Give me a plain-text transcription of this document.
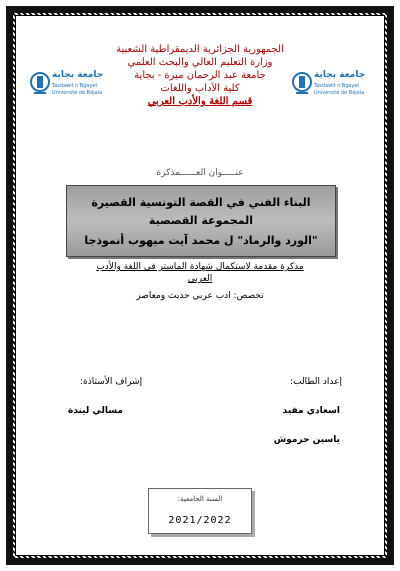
الجمهورية الجزائرية الديمقراطية الشعبية
وزارة التعليم العالي والبحث العلمي
جامعة عبد الرحمان ميرة - بجاية
كلية الآداب واللغات
قسم اللغة والأدب العربي
جامعة بجاية
Tasdawit n'Bgayet
Université de Béjaïa
جامعة بجاية
Tasdawit n'Bgayet
Université de Béjaïa
عنـــــوان العــــــمذكرة
البناء الفني في القصة التونسية القصيرة
المجموعة القصصية
"الورد والرماد" ل محمد آيت ميهوب أنموذجا
مذكرة مقدمة لاستكمال شهادة الماستر في اللغة والأدب
العربي
تخصص: ادب عربي حديث ومعاصر
إعداد الطالب:
اسعادي مفيد
ياسين حرموش
إشراف الأستاذة:
مسالي ليندة
السنة الجامعية:
2021/2022
